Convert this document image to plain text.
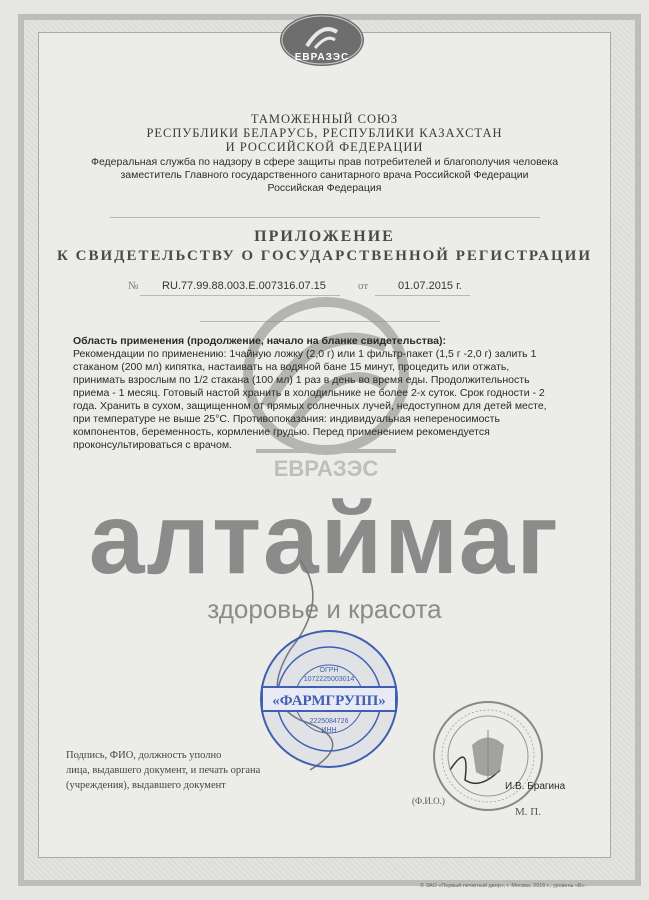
ЕВРАЗЭС
ТАМОЖЕННЫЙ СОЮЗ
РЕСПУБЛИКИ БЕЛАРУСЬ, РЕСПУБЛИКИ КАЗАХСТАН
И РОССИЙСКОЙ ФЕДЕРАЦИИ
Федеральная служба по надзору в сфере защиты прав потребителей и благополучия человека
заместитель Главного государственного санитарного врача Российской Федерации
Российская Федерация
ПРИЛОЖЕНИЕ
К СВИДЕТЕЛЬСТВУ О ГОСУДАРСТВЕННОЙ РЕГИСТРАЦИИ
№ RU.77.99.88.003.Е.007316.07.15	от	01.07.2015 г.
ЕВРАЗЭС

Область применения (продолжение, начало на бланке свидетельства):

Рекомендации по применению: 1чайную ложку (2,0 г) или 1 фильтр-пакет (1,5 г -2,0 г) залить 1

стаканом (200 мл) кипятка, настаивать на водяной бане 15 минут, процедить или отжать,

принимать взрослым по 1/2 стакана (100 мл) 1 раз в день во время еды. Продолжительность

приема - 1 месяц. Готовый настой хранить в холодильнике не более 2-х суток. Срок годности - 2

года. Хранить в сухом, защищенном от прямых солнечных лучей, недоступном для детей месте,

при температуре не выше 25°С. Противопоказания: индивидуальная непереносимость

компонентов, беременность, кормление грудью. Перед применением рекомендуется

проконсультироваться с врачом.

алтаймаг
здоровье и красота
«ФАРМГРУПП»
ОГРН
1072225003014
2225084726
ИНН
Подпись, ФИО, должность уполно
лица, выдавшего документ, и печать органа
(учреждения), выдавшего документ	И.В. Брагина
(Ф.И.О.)
М. П.
© ЗАО «Первый печатный двор», г. Москва, 2015 г., уровень «В»
